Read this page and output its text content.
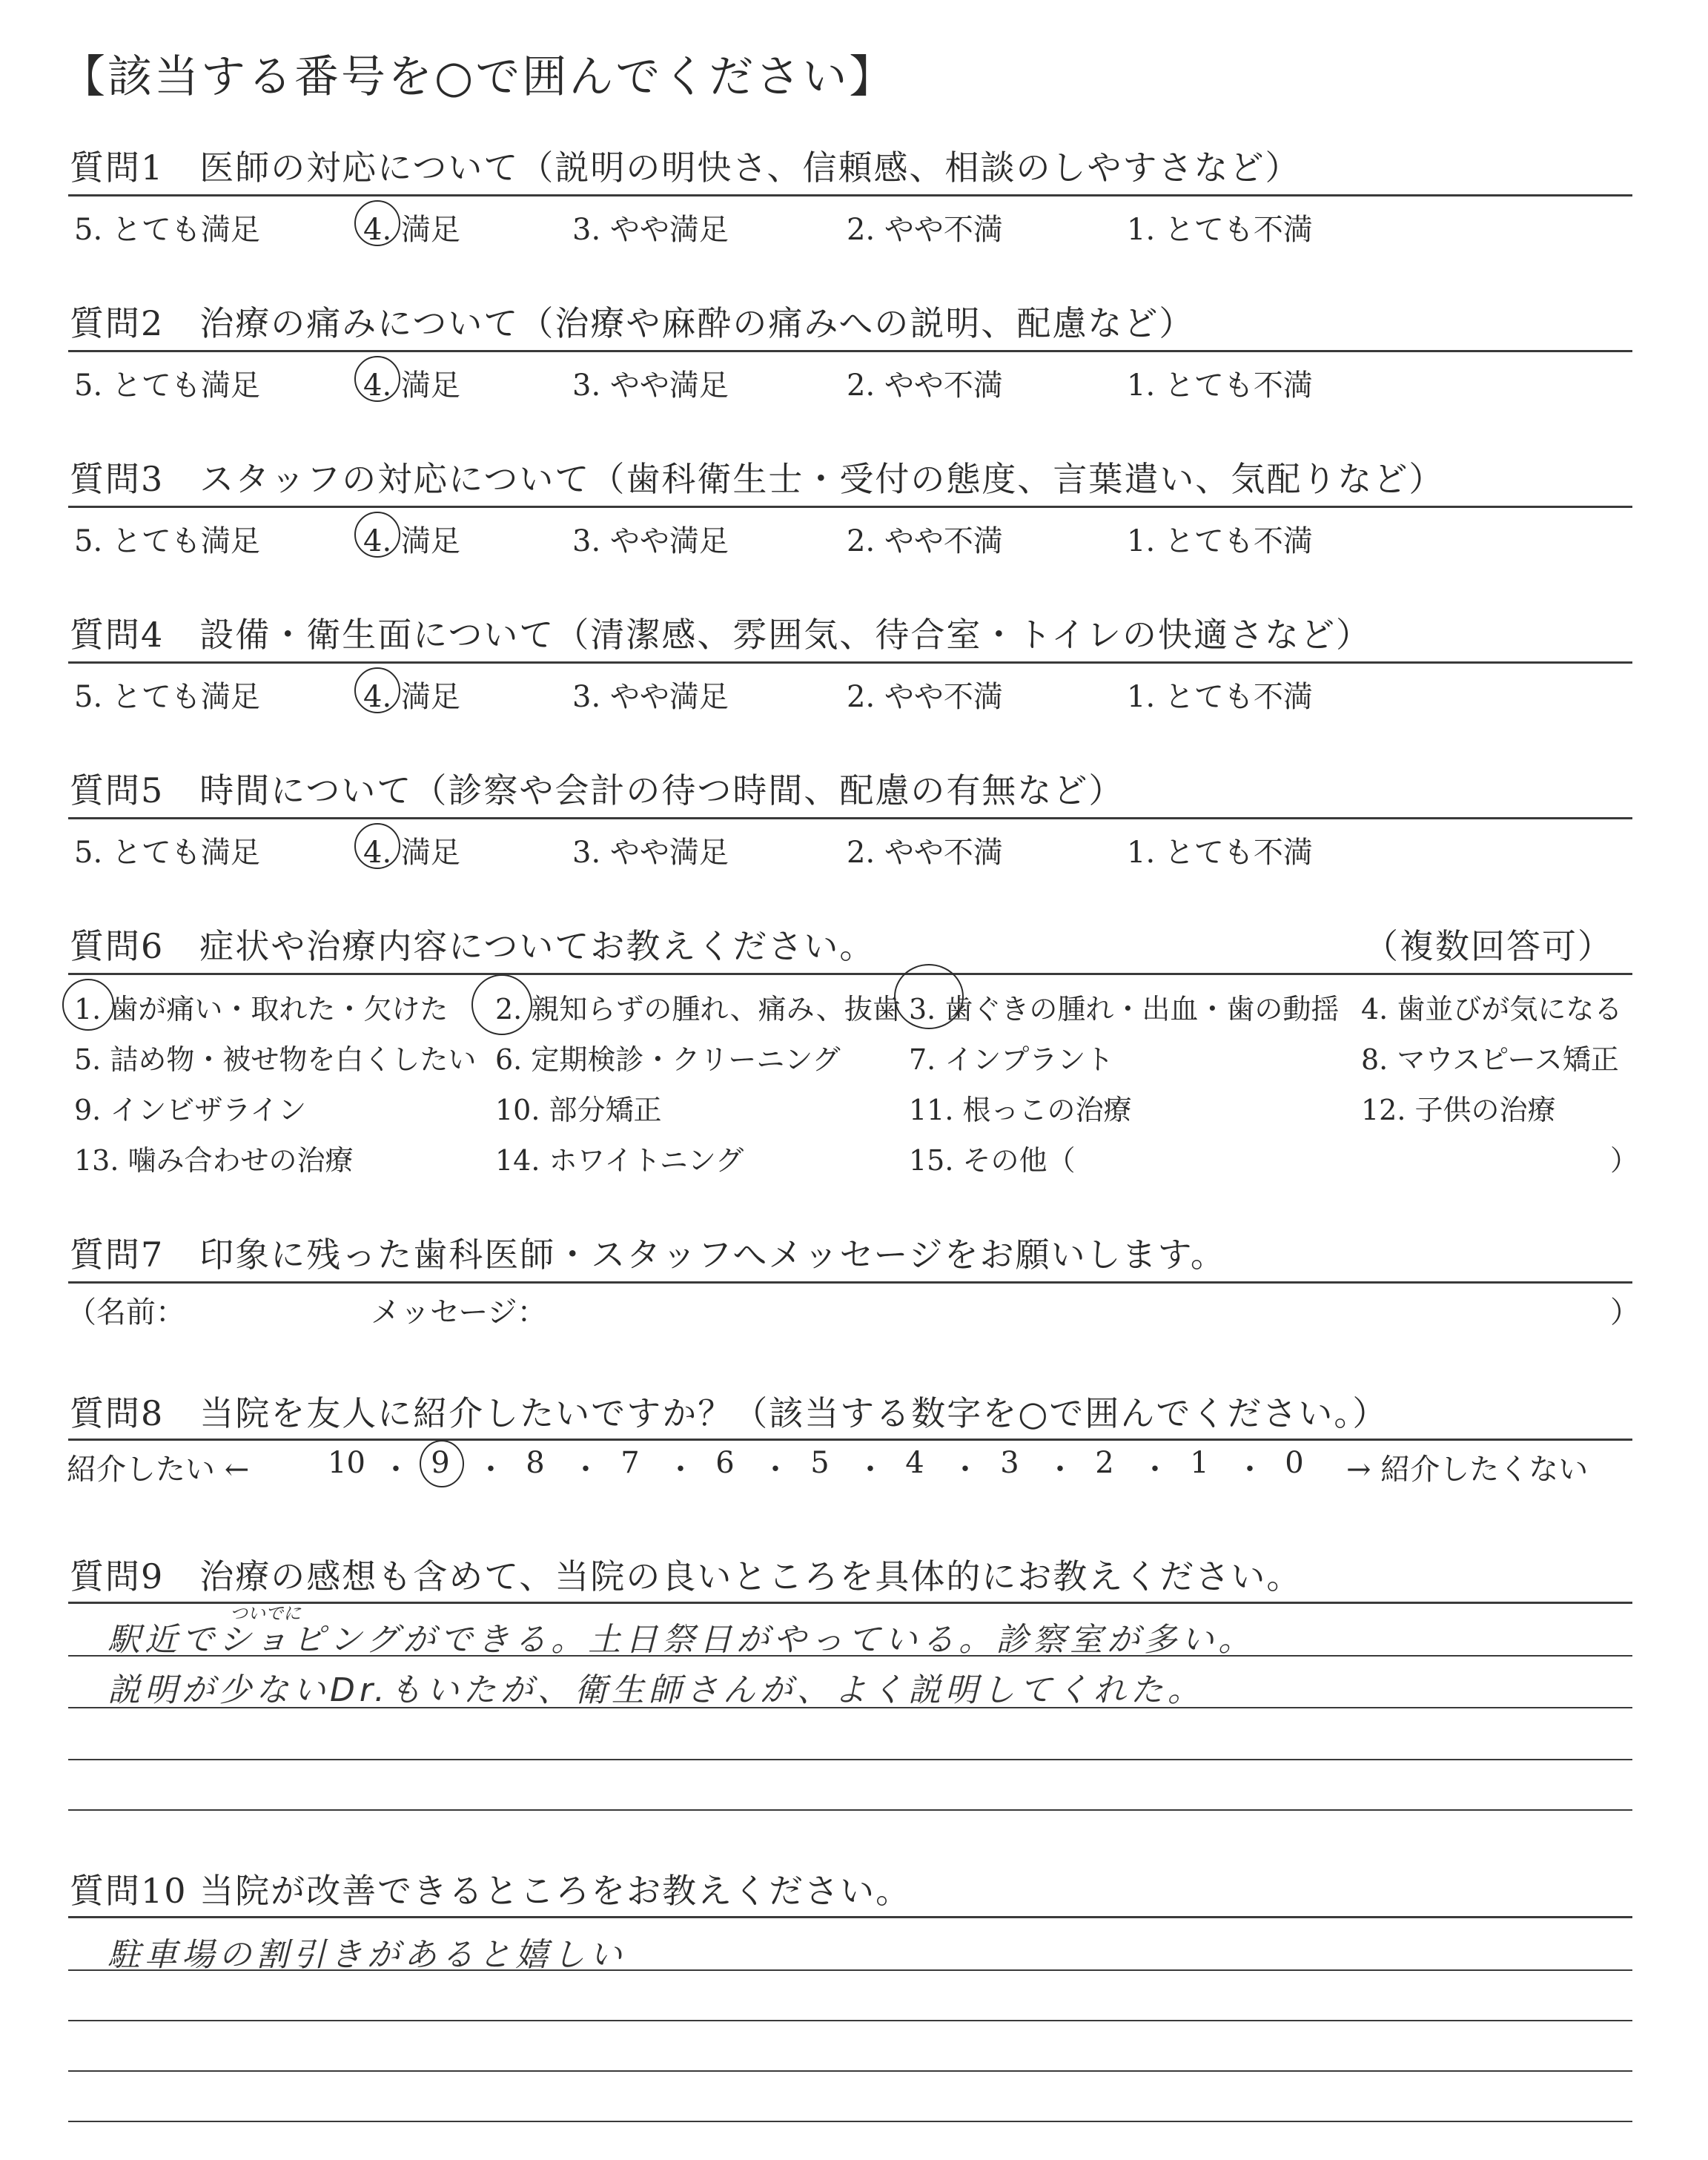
【該当する番号を○で囲んでください】
質問1　医師の対応について（説明の明快さ、信頼感、相談のしやすさなど）
5. とても満足	4. 満足	3. やや満足	2. やや不満	1. とても不満
質問2　治療の痛みについて（治療や麻酔の痛みへの説明、配慮など）
5. とても満足	4. 満足	3. やや満足	2. やや不満	1. とても不満
質問3　スタッフの対応について（歯科衛生士・受付の態度、言葉遣い、気配りなど）
5. とても満足	4. 満足	3. やや満足	2. やや不満	1. とても不満
質問4　設備・衛生面について（清潔感、雰囲気、待合室・トイレの快適さなど）
5. とても満足	4. 満足	3. やや満足	2. やや不満	1. とても不満
質問5　時間について（診察や会計の待つ時間、配慮の有無など）
5. とても満足	4. 満足	3. やや満足	2. やや不満	1. とても不満
質問6　症状や治療内容についてお教えください。	（複数回答可）
1. 歯が痛い・取れた・欠けた 2. 親知らずの腫れ、痛み、抜歯 3. 歯ぐきの腫れ・出血・歯の動揺 4. 歯並びが気になる
5. 詰め物・被せ物を白くしたい 6. 定期検診・クリーニング 7. インプラント	8. マウスピース矯正
9. インビザライン	10. 部分矯正	11. 根っこの治療	12. 子供の治療
13. 噛み合わせの治療	14. ホワイトニング	15. その他（	）
質問7　印象に残った歯科医師・スタッフへメッセージをお願いします。
（名前：	メッセージ：	）
質問8　当院を友人に紹介したいですか？（該当する数字を○で囲んでください。）
紹介したい ←	10 ・ 9 ・ 8 ・ 7 ・ 6 ・ 5 ・ 4 ・ 3 ・ 2 ・ 1 ・ 0 → 紹介したくない
質問9　治療の感想も含めて、当院の良いところを具体的にお教えください。
ついでに
駅近でショピングができる。土日祭日がやっている。診察室が多い。
説明が少ないDr.もいたが、衛生師さんが、よく説明してくれた。
質問10 当院が改善できるところをお教えください。
駐車場の割引きがあると嬉しい
